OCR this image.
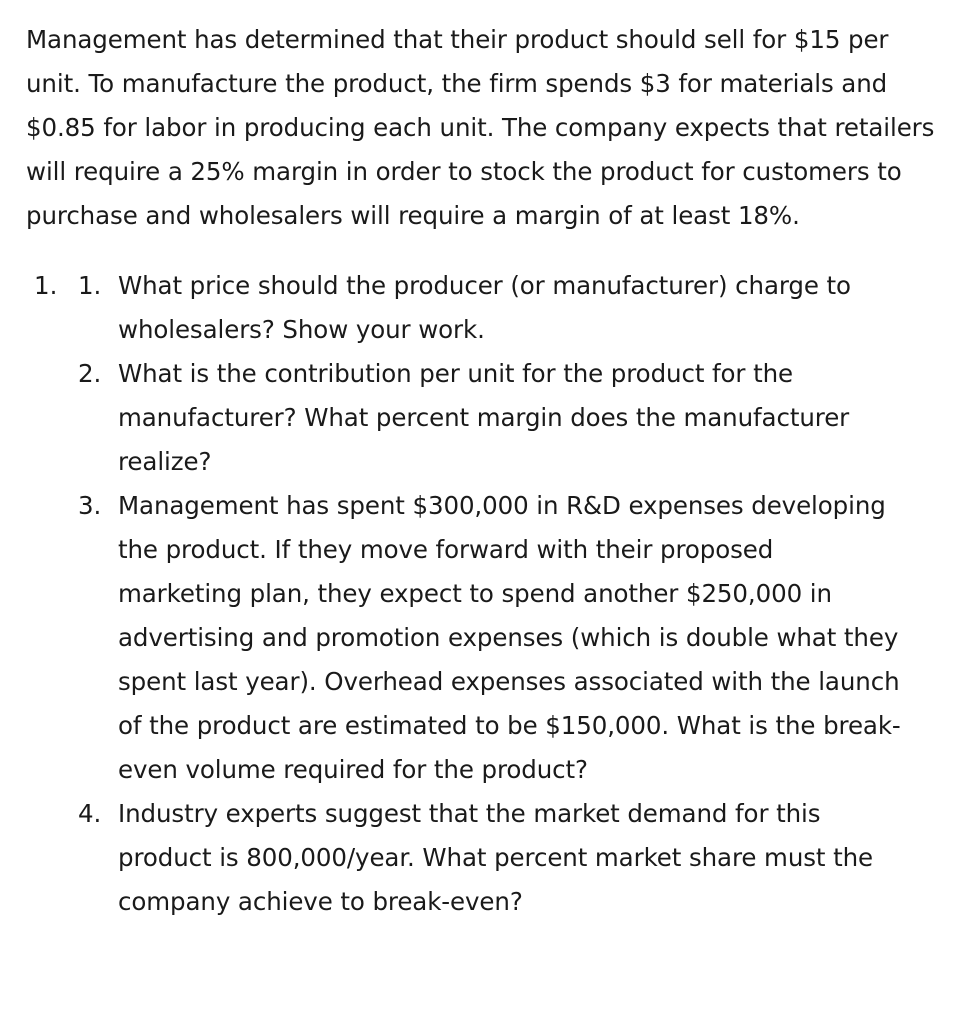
Management has determined that their product should sell for $15 per unit. To manufacture the product, the firm spends $3 for materials and $0.85 for labor in producing each unit. The company expects that retailers will require a 25% margin in order to stock the product for customers to purchase and wholesalers will require a margin of at least 18%.

1. 1. What price should the producer (or manufacturer) charge to wholesalers? Show your work.
2. What is the contribution per unit for the product for the manufacturer? What percent margin does the manufacturer realize?
3. Management has spent $300,000 in R&D expenses developing the product. If they move forward with their proposed marketing plan, they expect to spend another $250,000 in advertising and promotion expenses (which is double what they spent last year). Overhead expenses associated with the launch of the product are estimated to be $150,000. What is the break-even volume required for the product?
4. Industry experts suggest that the market demand for this product is 800,000/year. What percent market share must the company achieve to break-even?
